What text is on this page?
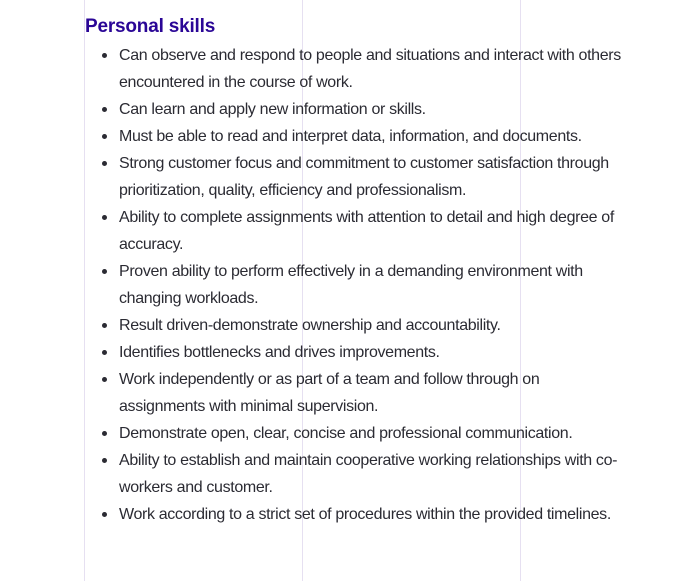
Personal skills
Can observe and respond to people and situations and interact with others encountered in the course of work.
Can learn and apply new information or skills.
Must be able to read and interpret data, information, and documents.
Strong customer focus and commitment to customer satisfaction through prioritization, quality, efficiency and professionalism.
Ability to complete assignments with attention to detail and high degree of accuracy.
Proven ability to perform effectively in a demanding environment with changing workloads.
Result driven-demonstrate ownership and accountability.
Identifies bottlenecks and drives improvements.
Work independently or as part of a team and follow through on assignments with minimal supervision.
Demonstrate open, clear, concise and professional communication.
Ability to establish and maintain cooperative working relationships with co-workers and customer.
Work according to a strict set of procedures within the provided timelines.
